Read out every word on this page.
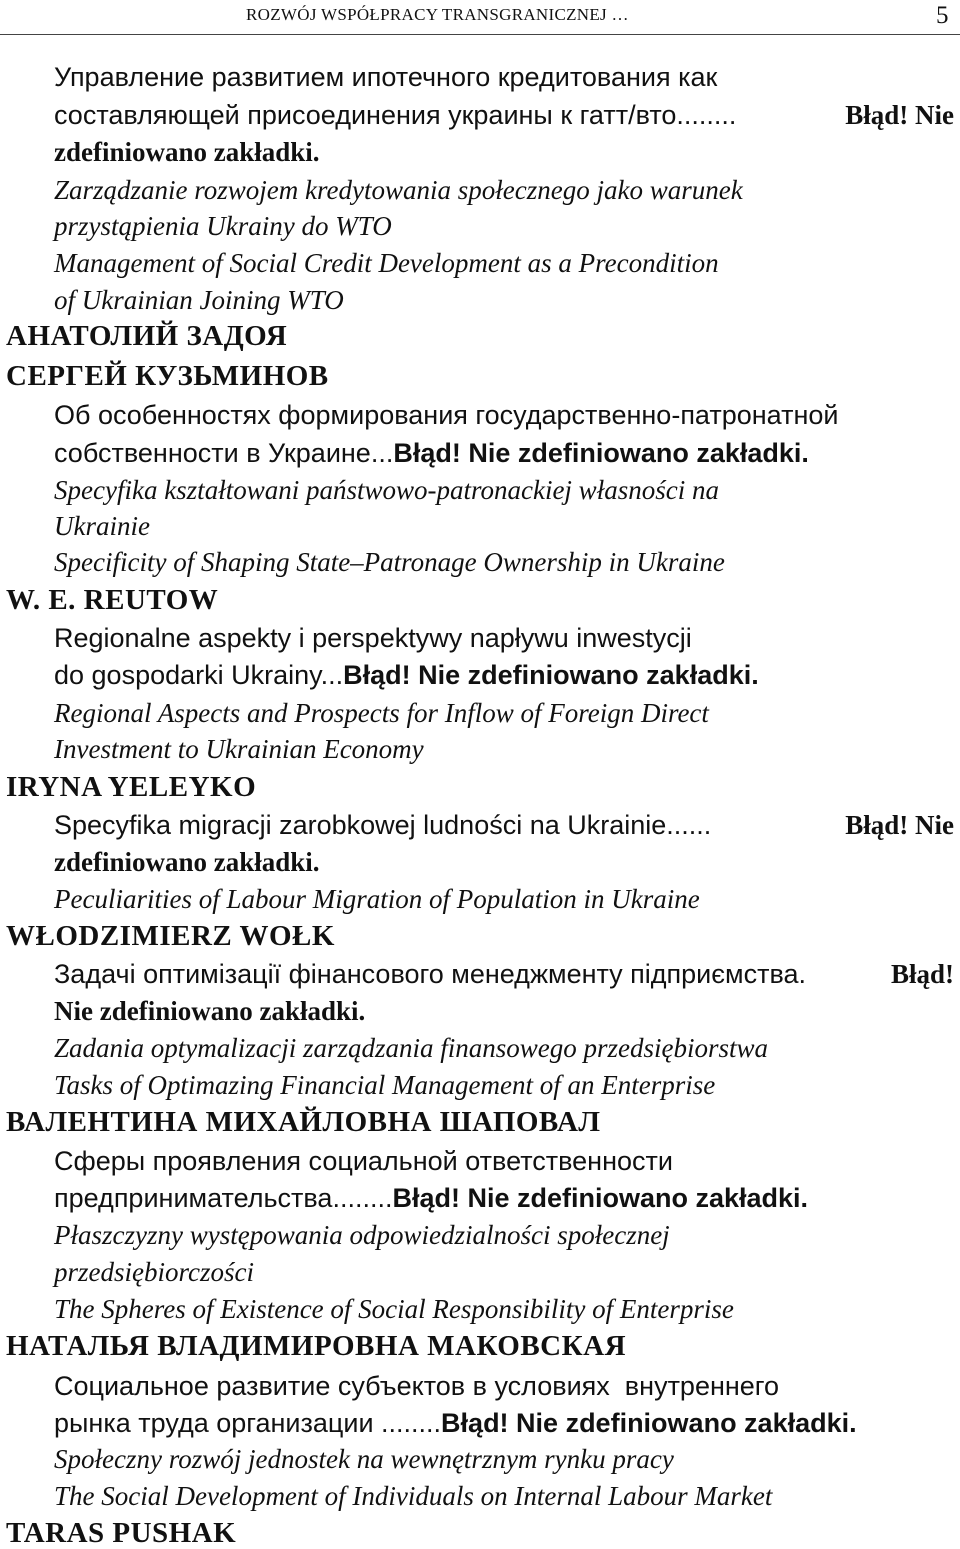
ROZWÓJ WSPÓŁPRACY TRANSGRANICZNEJ …	5
Управление развитием ипотечного кредитования как
составляющей присоединения украины к гатт/вто........	Błąd! Nie
zdefiniowano zakładki.
Zarządzanie rozwojem kredytowania społecznego jako warunek
przystąpienia Ukrainy do WTO
Management of Social Credit Development as a Precondition
of Ukrainian Joining WTO
АНАТОЛИЙ ЗАДОЯ
СЕРГЕЙ КУЗЬМИНОВ
Об особенностях формирования государственно-патронатной
собственности в Украине...Błąd! Nie zdefiniowano zakładki.
Specyfika kształtowani państwowo-patronackiej własności na
Ukrainie
Specificity of Shaping State–Patronage Ownership in Ukraine
W. E. REUTOW
Regionalne aspekty i perspektywy napływu inwestycji
do gospodarki Ukrainy...Błąd! Nie zdefiniowano zakładki.
Regional Aspects and Prospects for Inflow of Foreign Direct
Investment to Ukrainian Economy
IRYNA YELEYKO
Specyfika migracji zarobkowej ludności na Ukrainie......	Błąd! Nie
zdefiniowano zakładki.
Peculiarities of Labour Migration of Population in Ukraine
WŁODZIMIERZ WOŁK
Задачі оптимізації фінансового менеджменту підприємства.	Błąd!
Nie zdefiniowano zakładki.
Zadania optymalizacji zarządzania finansowego przedsiębiorstwa
Tasks of Optimazing Financial Management of an Enterprise
ВАЛЕНТИНА МИХАЙЛОВНА ШАПОВАЛ
Сферы проявления социальной ответственности
предпринимательства........Błąd! Nie zdefiniowano zakładki.
Płaszczyzny występowania odpowiedzialności społecznej
przedsiębiorczości
The Spheres of Existence of Social Responsibility of Enterprise
НАТАЛЬЯ ВЛАДИМИРОВНА МАКОВСКАЯ
Социальное развитие субъектов в условиях  внутреннего
рынка труда организации ........Błąd! Nie zdefiniowano zakładki.
Społeczny rozwój jednostek na wewnętrznym rynku pracy
The Social Development of Individuals on Internal Labour Market
TARAS PUSHAK
